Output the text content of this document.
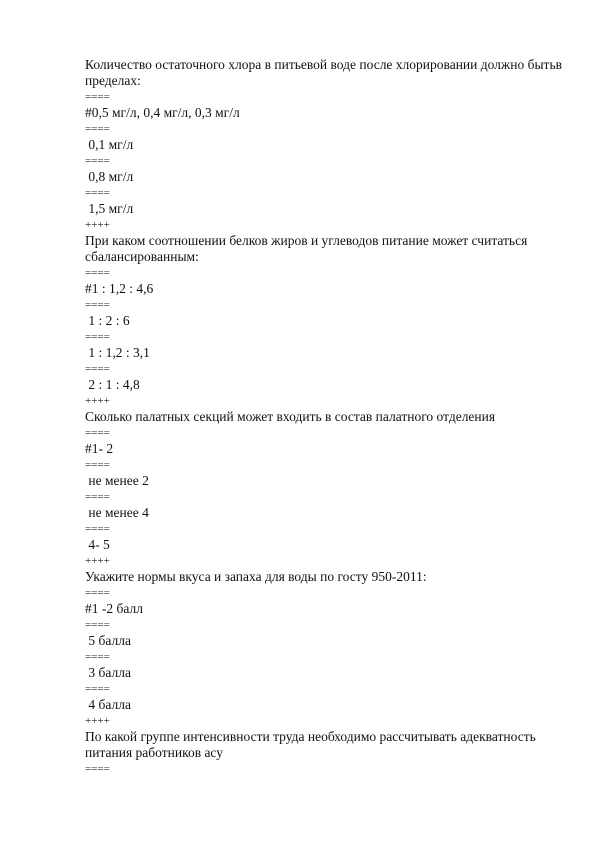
Количество остаточного хлора в питьевой воде после хлорировании должно бытьв пределах:
====
#0,5 мг/л, 0,4 мг/л, 0,3 мг/л
====
0,1 мг/л
====
0,8 мг/л
====
1,5 мг/л
++++
При каком соотношении белков жиров и углеводов питание может считаться сбалансированным:
====
#1 : 1,2 : 4,6
====
1 : 2 : 6
====
1 : 1,2 : 3,1
====
2 : 1 : 4,8
++++
Сколько палатных секций может входить в состав палатного отделения
====
#1- 2
====
не менее 2
====
не менее 4
====
4- 5
++++
Укажите нормы вкуса и запаха для воды по госту 950-2011:
====
#1 -2 балл
====
5 балла
====
3 балла
====
4 балла
++++
По какой группе интенсивности труда необходимо рассчитывать адекватность питания работников асу
====
